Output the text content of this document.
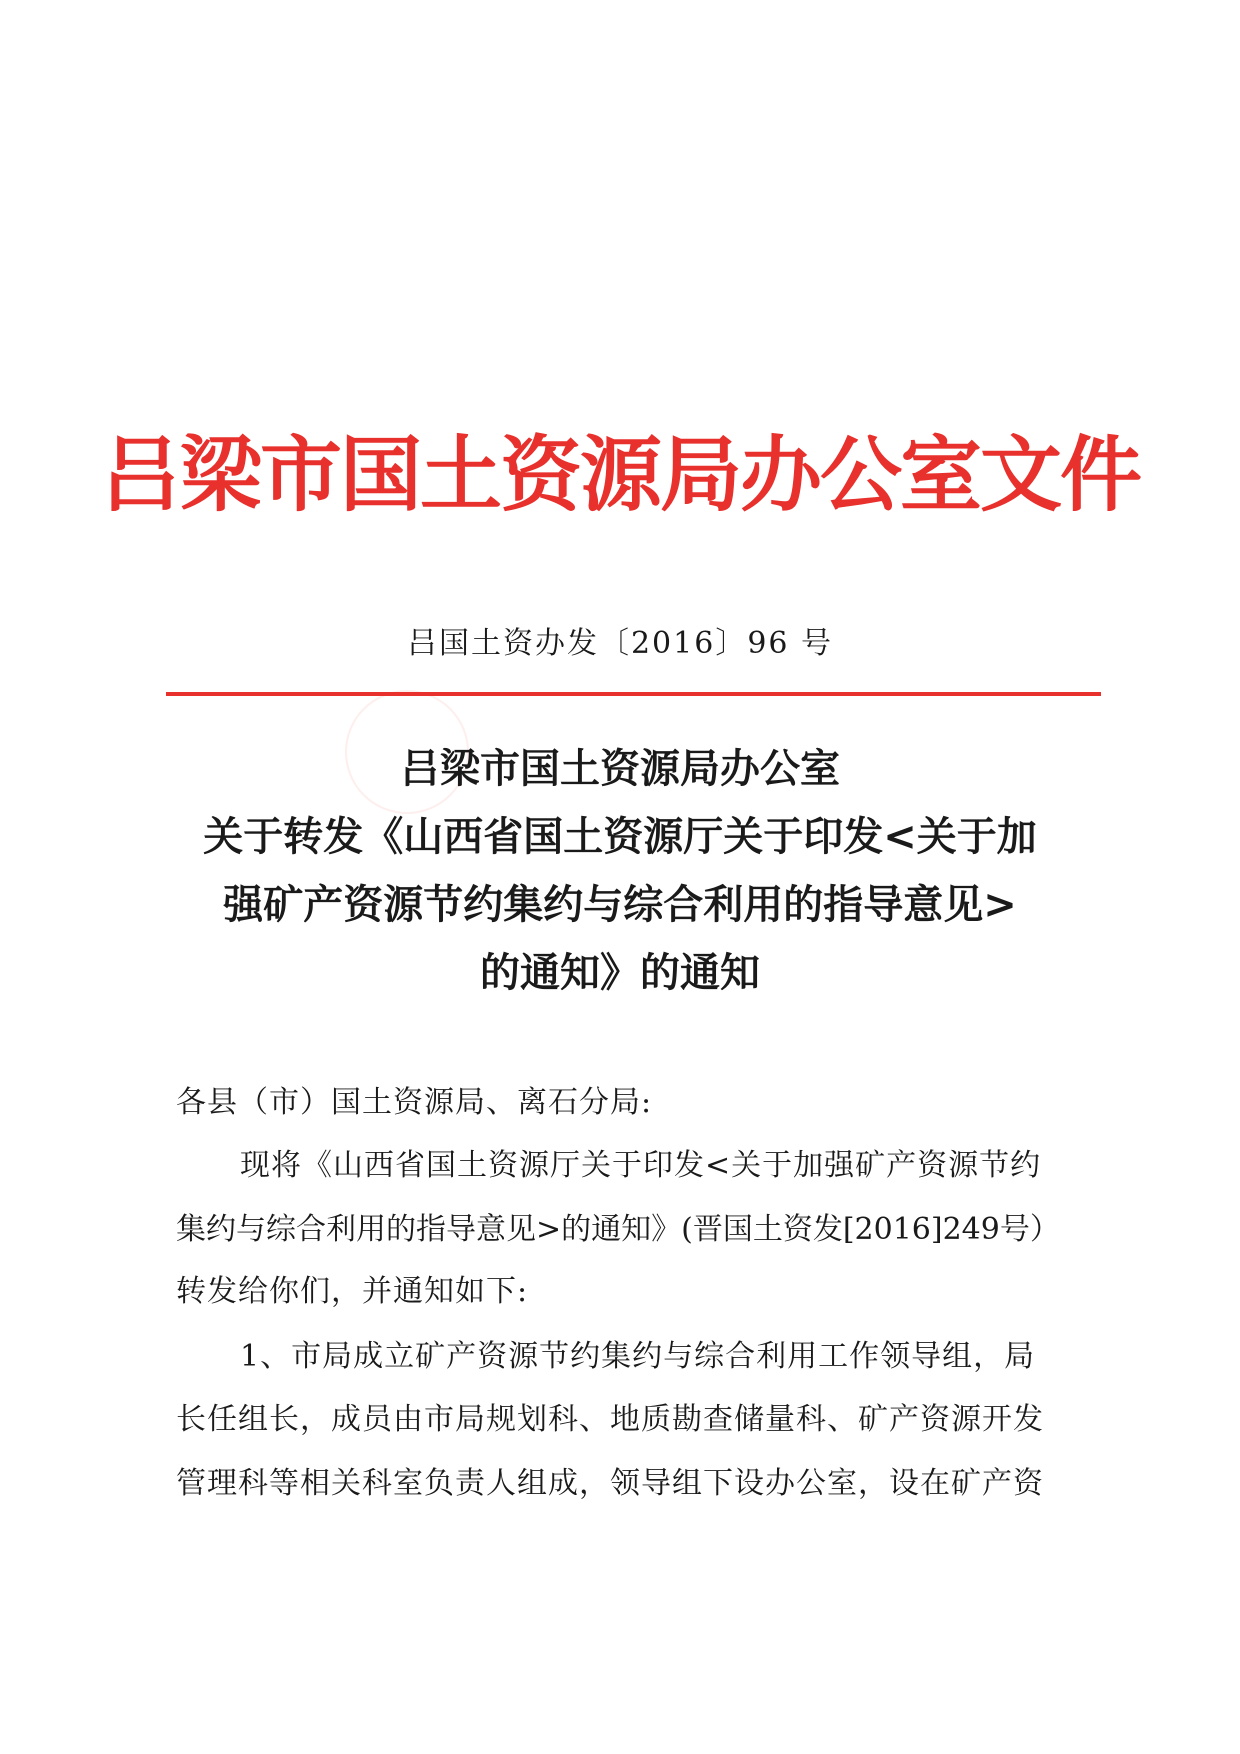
吕梁市国土资源局办公室文件
吕国土资办发〔2016〕96 号
吕梁市国土资源局办公室
关于转发《山西省国土资源厅关于印发<关于加
强矿产资源节约集约与综合利用的指导意见>
的通知》的通知
各县（市）国土资源局、离石分局:
现将《山西省国土资源厅关于印发<关于加强矿产资源节约
集约与综合利用的指导意见>的通知》(晋国土资发[2016]249号）
转发给你们，并通知如下:
1、市局成立矿产资源节约集约与综合利用工作领导组，局
长任组长，成员由市局规划科、地质勘查储量科、矿产资源开发
管理科等相关科室负责人组成，领导组下设办公室，设在矿产资
